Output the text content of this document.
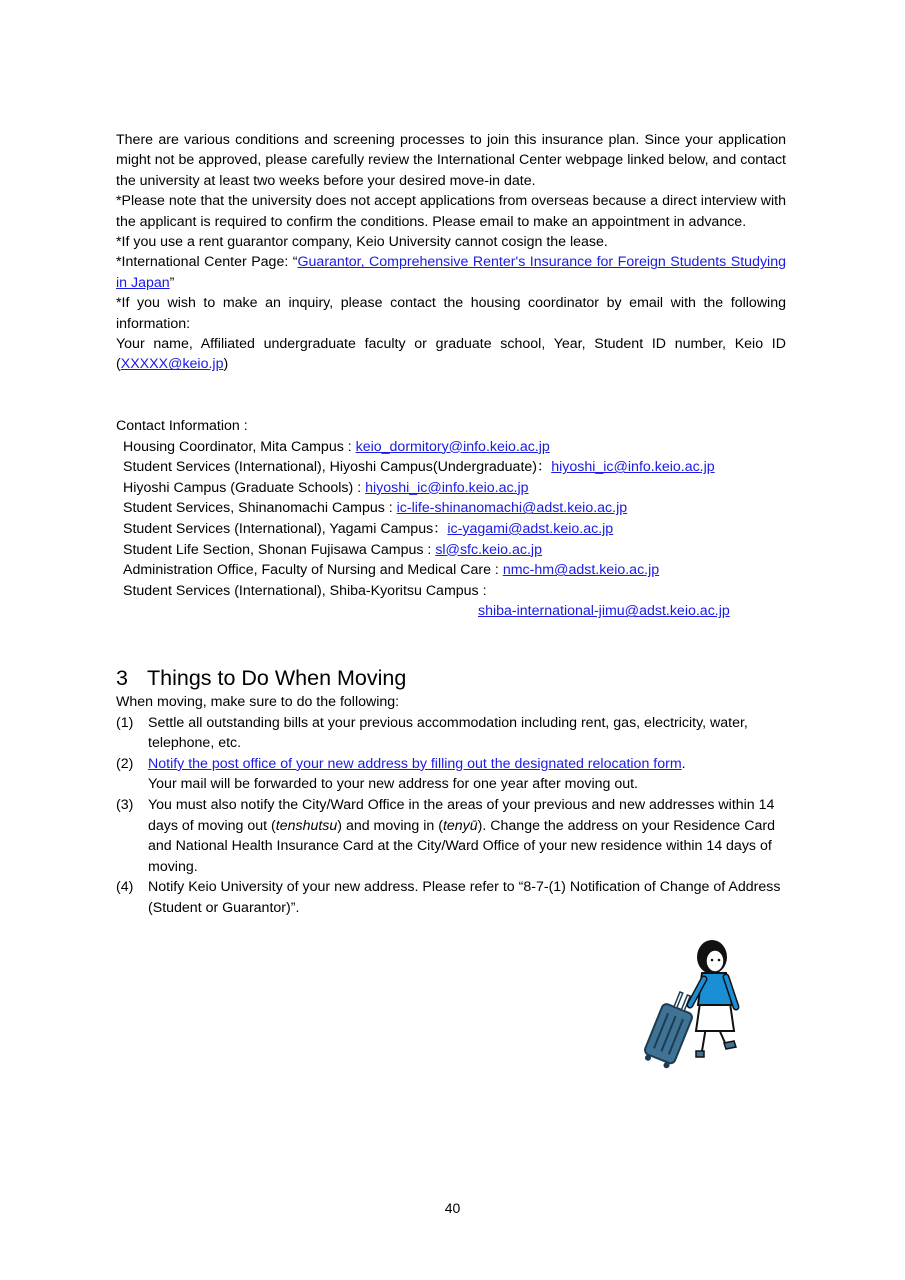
There are various conditions and screening processes to join this insurance plan. Since your application might not be approved, please carefully review the International Center webpage linked below, and contact the university at least two weeks before your desired move-in date.

*Please note that the university does not accept applications from overseas because a direct interview with the applicant is required to confirm the conditions. Please email to make an appointment in advance.

*If you use a rent guarantor company, Keio University cannot cosign the lease.

*International Center Page: “Guarantor, Comprehensive Renter's Insurance for Foreign Students Studying in Japan”

*If you wish to make an inquiry, please contact the housing coordinator by email with the following information:

Your name, Affiliated undergraduate faculty or graduate school, Year, Student ID number, Keio ID (XXXXX@keio.jp)

Contact Information :

Housing Coordinator, Mita Campus : keio_dormitory@info.keio.ac.jp
Student Services (International), Hiyoshi Campus(Undergraduate)：hiyoshi_ic@info.keio.ac.jp
Hiyoshi Campus (Graduate Schools) : hiyoshi_ic@info.keio.ac.jp
Student Services, Shinanomachi Campus : ic-life-shinanomachi@adst.keio.ac.jp
Student Services (International), Yagami Campus：ic-yagami@adst.keio.ac.jp
Student Life Section, Shonan Fujisawa Campus : sl@sfc.keio.ac.jp
Administration Office, Faculty of Nursing and Medical Care : nmc-hm@adst.keio.ac.jp
Student Services (International), Shiba-Kyoritsu Campus :
shiba-international-jimu@adst.keio.ac.jp
3 Things to Do When Moving

When moving, make sure to do the following:

(1) Settle all outstanding bills at your previous accommodation including rent, gas, electricity, water, telephone, etc.
(2) Notify the post office of your new address by filling out the designated relocation form.
Your mail will be forwarded to your new address for one year after moving out.
(3) You must also notify the City/Ward Office in the areas of your previous and new addresses within 14 days of moving out (tenshutsu) and moving in (tenyū). Change the address on your Residence Card and National Health Insurance Card at the City/Ward Office of your new residence within 14 days of moving.
(4) Notify Keio University of your new address. Please refer to “8-7-(1) Notification of Change of Address (Student or Guarantor)”.
40
